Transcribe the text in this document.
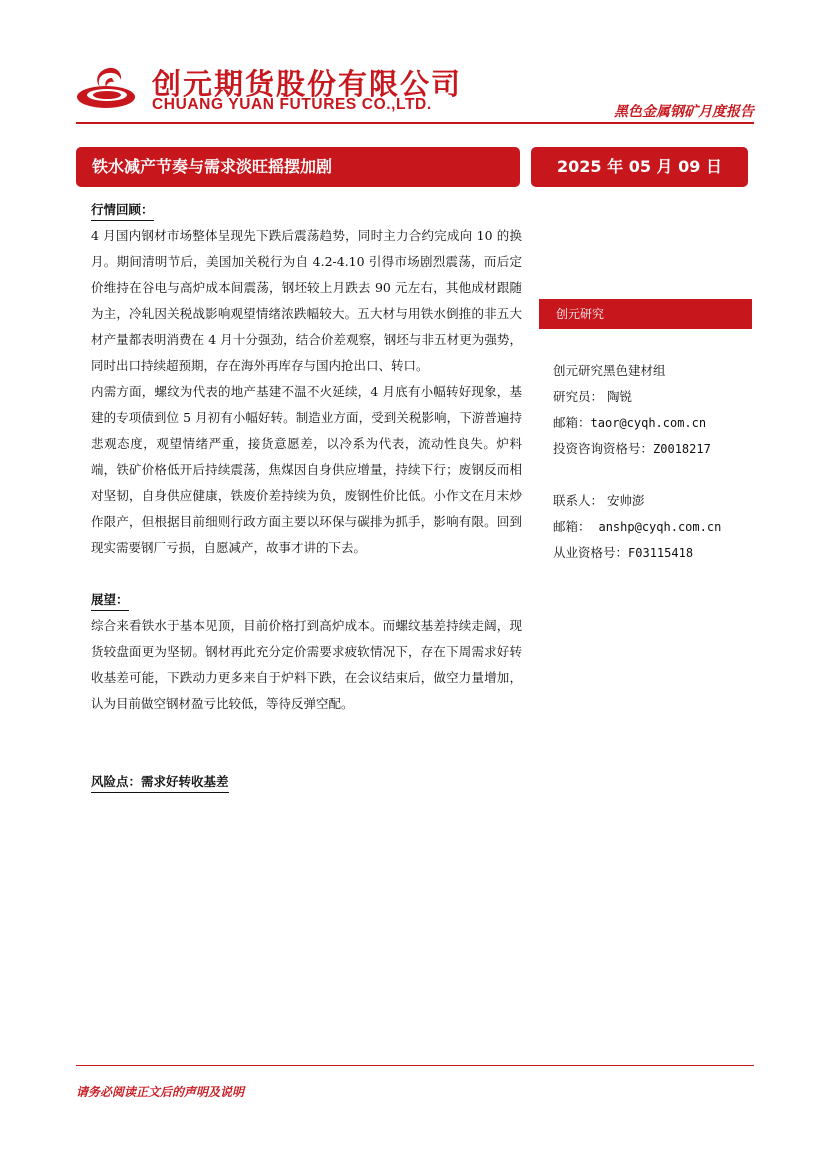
创元期货股份有限公司
CHUANG YUAN FUTURES CO.,LTD.	黑色金属钢矿月度报告
铁水减产节奏与需求淡旺摇摆加剧	2025 年 05 月 09 日
行情回顾：

4 月国内钢材市场整体呈现先下跌后震荡趋势，同时主力合约完成向 10 的换月。期间清明节后，美国加关税行为自 4.2-4.10 引得市场剧烈震荡，而后定价维持在谷电与高炉成本间震荡，钢坯较上月跌去 90 元左右，其他成材跟随为主，冷轧因关税战影响观望情绪浓跌幅较大。五大材与用铁水倒推的非五大材产量都表明消费在 4 月十分强劲，结合价差观察，钢坯与非五材更为强势，同时出口持续超预期，存在海外再库存与国内抢出口、转口。

内需方面，螺纹为代表的地产基建不温不火延续，4 月底有小幅转好现象，基建的专项债到位 5 月初有小幅好转。制造业方面，受到关税影响，下游普遍持悲观态度，观望情绪严重，接货意愿差，以冷系为代表，流动性良失。炉料端，铁矿价格低开后持续震荡，焦煤因自身供应增量，持续下行；废钢反而相对坚韧，自身供应健康，铁废价差持续为负，废钢性价比低。小作文在月末炒作限产，但根据目前细则行政方面主要以环保与碳排为抓手，影响有限。回到现实需要钢厂亏损，自愿减产，故事才讲的下去。

展望：

综合来看铁水于基本见顶，目前价格打到高炉成本。而螺纹基差持续走阔，现货较盘面更为坚韧。钢材再此充分定价需要求疲软情况下，存在下周需求好转收基差可能，下跌动力更多来自于炉料下跌，在会议结束后，做空力量增加，认为目前做空钢材盈亏比较低，等待反弹空配。

风险点：需求好转收基差
创元研究
创元研究黑色建材组
研究员： 陶锐
邮箱：taor@cyqh.com.cn
投资咨询资格号：Z0018217
联系人： 安帅澎
邮箱： anshp@cyqh.com.cn
从业资格号：F03115418
请务必阅读正文后的声明及说明
